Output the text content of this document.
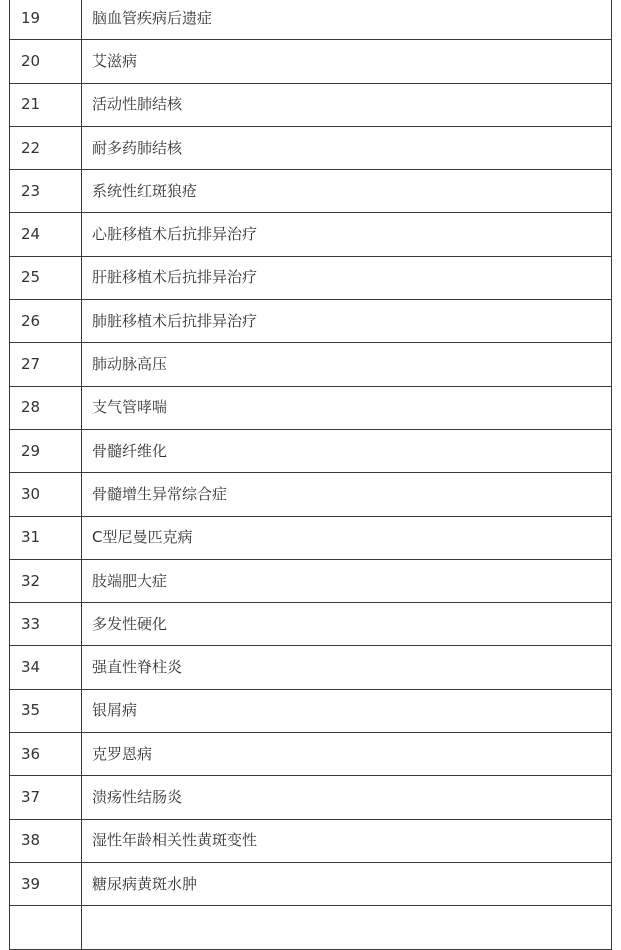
19	脑血管疾病后遗症
20	艾滋病
21	活动性肺结核
22	耐多药肺结核
23	系统性红斑狼疮
24	心脏移植术后抗排异治疗
25	肝脏移植术后抗排异治疗
26	肺脏移植术后抗排异治疗
27	肺动脉高压
28	支气管哮喘
29	骨髓纤维化
30	骨髓增生异常综合症
31	C型尼曼匹克病
32	肢端肥大症
33	多发性硬化
34	强直性脊柱炎
35	银屑病
36	克罗恩病
37	溃疡性结肠炎
38	湿性年龄相关性黄斑变性
39	糖尿病黄斑水肿
